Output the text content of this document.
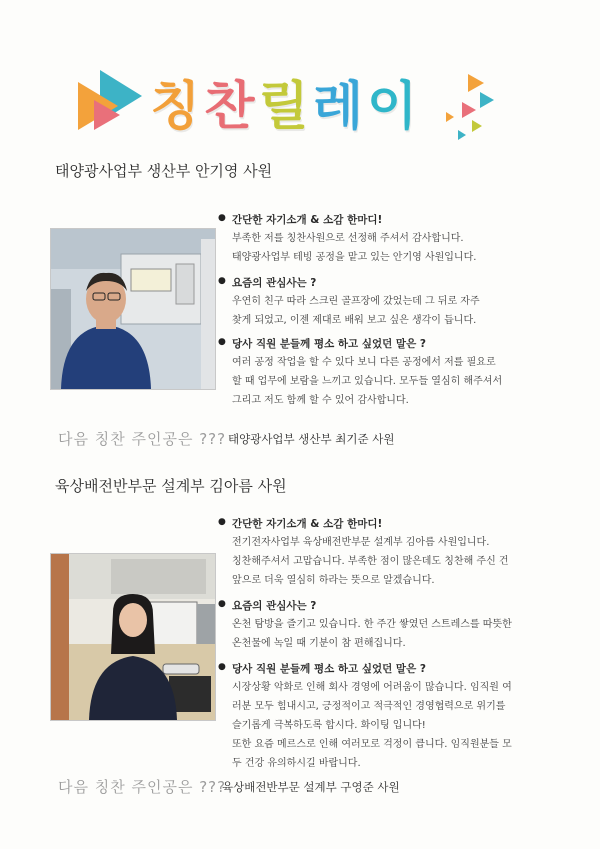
칭찬릴레이
태양광사업부 생산부 안기영 사원
● 간단한 자기소개 & 소감 한마디!
부족한 저를 칭찬사원으로 선정해 주셔서 감사합니다.
태양광사업부 테빙 공정을 맡고 있는 안기영 사원입니다.
● 요즘의 관심사는 ?
우연히 친구 따라 스크린 골프장에 갔었는데 그 뒤로 자주
찾게 되었고, 이젠 제대로 배워 보고 싶은 생각이 듭니다.
● 당사 직원 분들께 평소 하고 싶었던 말은 ?
여러 공정 작업을 할 수 있다 보니 다른 공정에서 저를 필요로
할 때 업무에 보람을 느끼고 있습니다. 모두들 열심히 해주셔서
그리고 저도 함께 할 수 있어 감사합니다.
다음 칭찬 주인공은 ??? 태양광사업부 생산부 최기준 사원
육상배전반부문 설계부 김아름 사원
● 간단한 자기소개 & 소감 한마디!
전기전자사업부 육상배전반부문 설계부 김아름 사원입니다.
칭찬해주셔서 고맙습니다. 부족한 점이 많은데도 칭찬해 주신 건
앞으로 더욱 열심히 하라는 뜻으로 알겠습니다.
● 요즘의 관심사는 ?
온천 탐방을 즐기고 있습니다. 한 주간 쌓였던 스트레스를 따뜻한
온천물에 녹일 때 기분이 참 편해집니다.
● 당사 직원 분들께 평소 하고 싶었던 말은 ?
시장상황 악화로 인해 회사 경영에 어려움이 많습니다. 임직원 여
러분 모두 힘내시고, 긍정적이고 적극적인 경영협력으로 위기를
슬기롭게 극복하도록 합시다. 화이팅 입니다!
또한 요즘 메르스로 인해 여러모로 걱정이 큽니다. 임직원분들 모
두 건강 유의하시길 바랍니다.
다음 칭찬 주인공은 ???
육상배전반부문 설계부 구영준 사원
